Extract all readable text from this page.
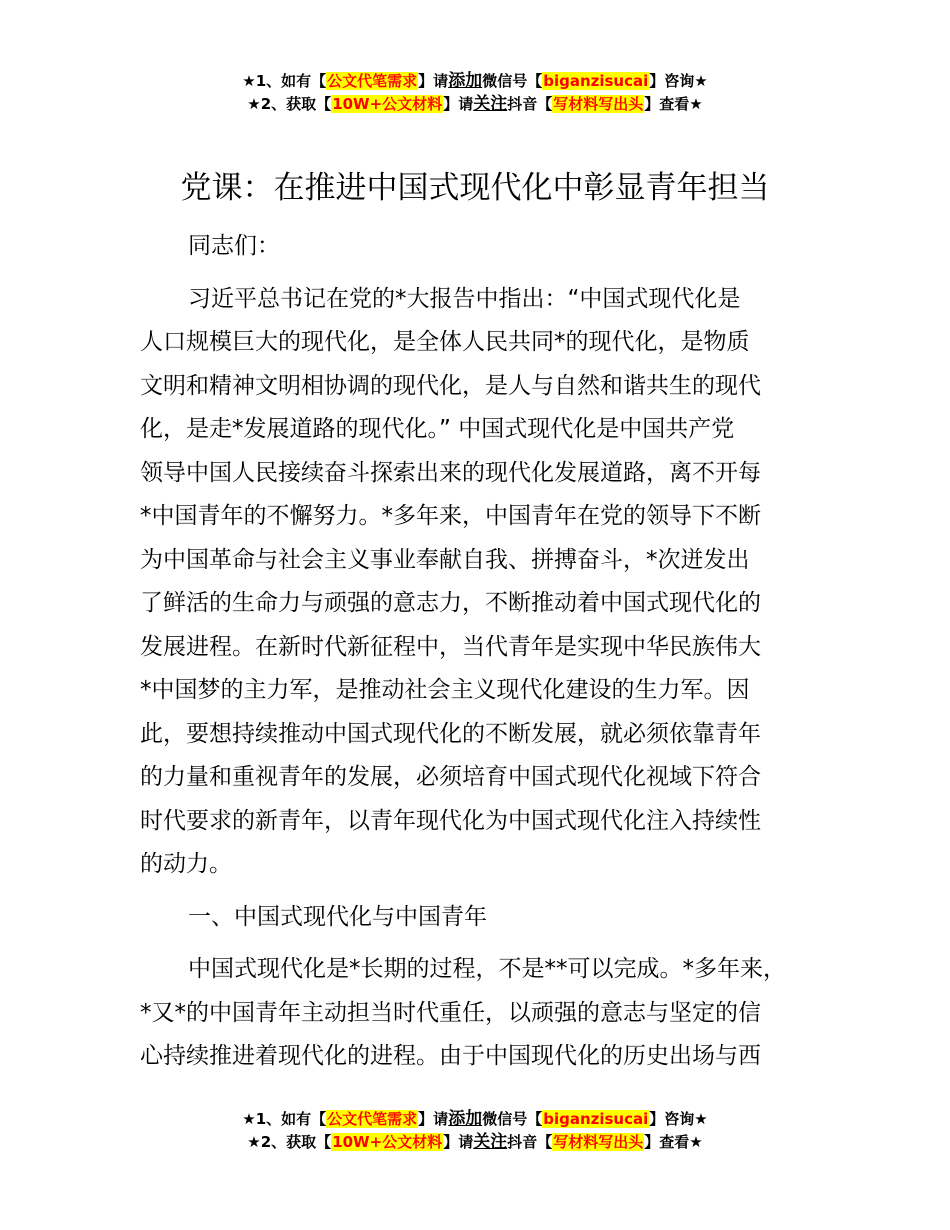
★1、如有【公文代笔需求】请添加微信号【biganzisucai】咨询★
★2、获取【10W+公文材料】请关注抖音【写材料写出头】查看★
党课：在推进中国式现代化中彰显青年担当

同志们：

习近平总书记在党的*大报告中指出：“中国式现代化是

人口规模巨大的现代化，是全体人民共同*的现代化，是物质

文明和精神文明相协调的现代化，是人与自然和谐共生的现代

化，是走*发展道路的现代化。” 中国式现代化是中国共产党

领导中国人民接续奋斗探索出来的现代化发展道路，离不开每

*中国青年的不懈努力。*多年来，中国青年在党的领导下不断

为中国革命与社会主义事业奉献自我、拼搏奋斗，*次迸发出

了鲜活的生命力与顽强的意志力，不断推动着中国式现代化的

发展进程。在新时代新征程中，当代青年是实现中华民族伟大

*中国梦的主力军，是推动社会主义现代化建设的生力军。因

此，要想持续推动中国式现代化的不断发展，就必须依靠青年

的力量和重视青年的发展，必须培育中国式现代化视域下符合

时代要求的新青年，以青年现代化为中国式现代化注入持续性

的动力。

一、中国式现代化与中国青年

中国式现代化是*长期的过程，不是**可以完成。*多年来，

*又*的中国青年主动担当时代重任，以顽强的意志与坚定的信

心持续推进着现代化的进程。由于中国现代化的历史出场与西

★1、如有【公文代笔需求】请添加微信号【biganzisucai】咨询★
★2、获取【10W+公文材料】请关注抖音【写材料写出头】查看★
